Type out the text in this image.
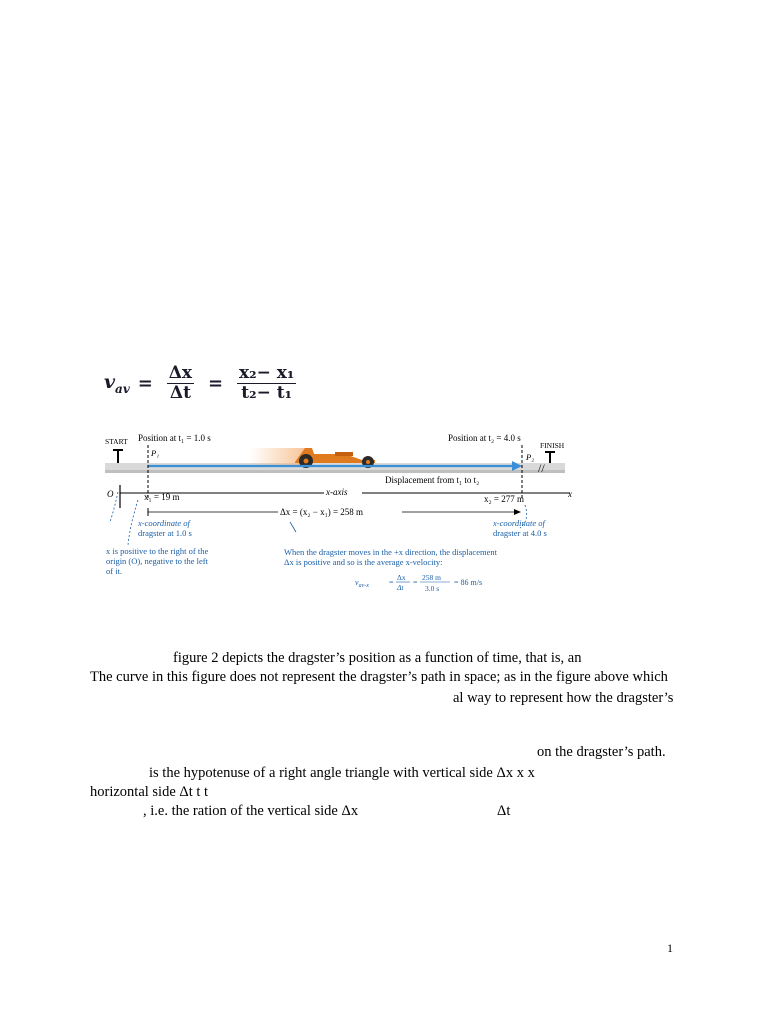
$v_{av} = \frac{\Delta x}{\Delta t} = \frac{\text{x₂− x₁}}{\text{t₂− t₁}}$
START	FINISH
P₁
Position at t₁ = 1.0 s
P₂
Position at t₂ = 4.0 s
//
Displacement from t₁ to t₂
O	x
x-axis
x₁ = 19 m	x₂ = 277 m
Δx = (x₂ − x₁) = 258 m
x-coordinate of
dragster at 1.0 s
x-coordinate of
dragster at 4.0 s
x is positive to the right of the
origin (O), negative to the left
of it.
When the dragster moves in the +x direction, the displacement
Δx is positive and so is the average x-velocity:
$v_{av-x}$	=
Δx
Δt
=
258 m
3.0 s
= 86 m/s
figure 2 depicts the dragster’s position as a function of time, that is, an
The curve in this figure does not represent the dragster’s path in space; as in the figure above which
al way to represent how the dragster’s
on the dragster’s path.
is the hypotenuse of a right angle triangle with vertical side Δx x x
horizontal side Δt t t
, i.e. the ration of the vertical side Δx	Δt
1
